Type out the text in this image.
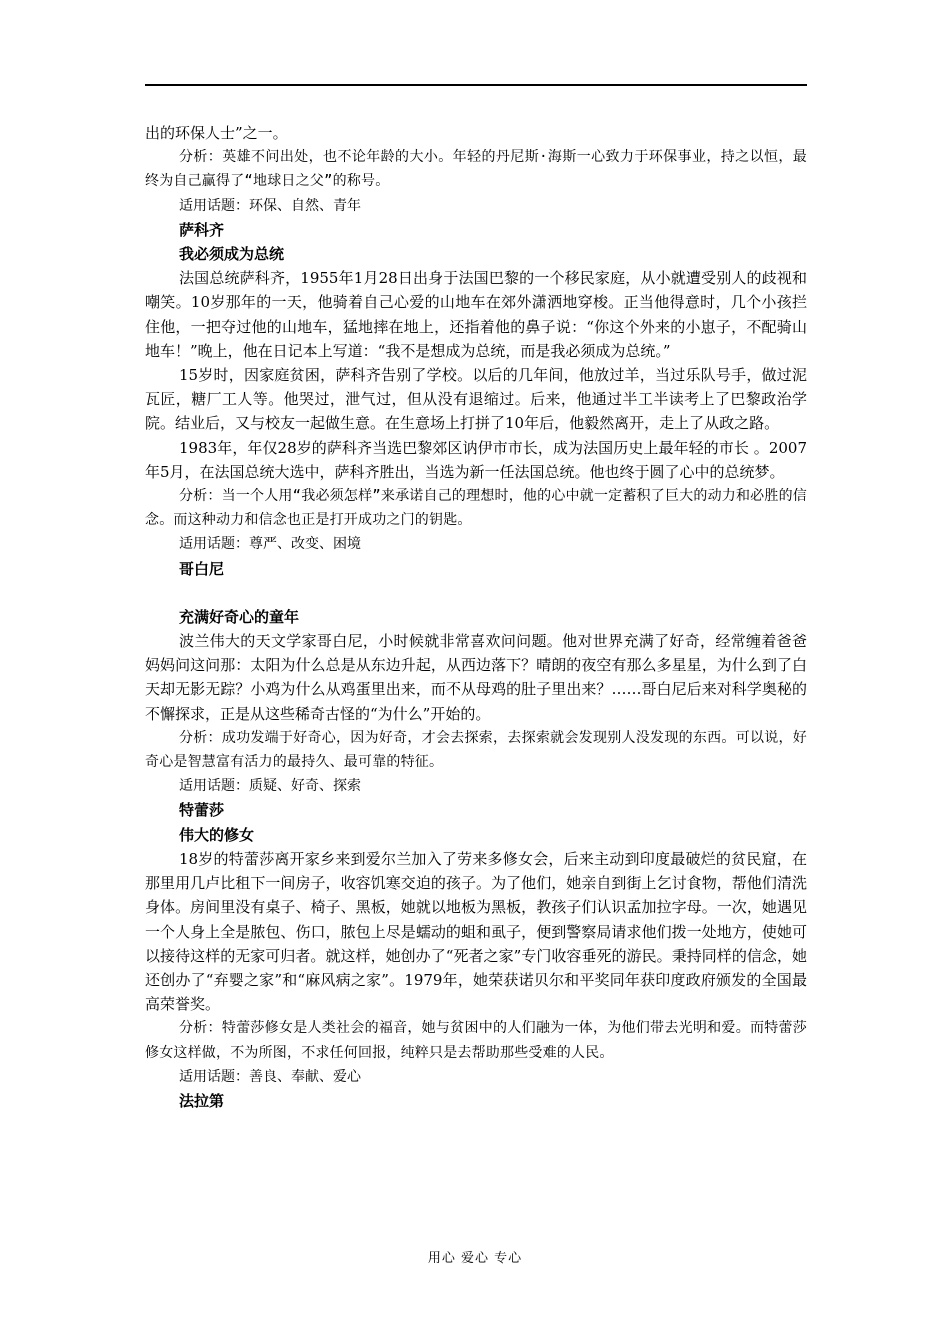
出的环保人士”之一。

分析：英雄不问出处，也不论年龄的大小。年轻的丹尼斯·海斯一心致力于环保事业，持之以恒，最终为自己赢得了“地球日之父”的称号。

适用话题：环保、自然、青年

萨科齐

我必须成为总统

法国总统萨科齐，1955年1月28日出身于法国巴黎的一个移民家庭，从小就遭受别人的歧视和嘲笑。10岁那年的一天，他骑着自己心爱的山地车在郊外潇洒地穿梭。正当他得意时，几个小孩拦住他，一把夺过他的山地车，猛地摔在地上，还指着他的鼻子说：“你这个外来的小崽子，不配骑山地车！”晚上，他在日记本上写道：“我不是想成为总统，而是我必须成为总统。”

15岁时，因家庭贫困，萨科齐告别了学校。以后的几年间，他放过羊，当过乐队号手，做过泥瓦匠，糖厂工人等。他哭过，泄气过，但从没有退缩过。后来，他通过半工半读考上了巴黎政治学院。结业后，又与校友一起做生意。在生意场上打拼了10年后，他毅然离开，走上了从政之路。

1983年，年仅28岁的萨科齐当选巴黎郊区讷伊市市长，成为法国历史上最年轻的市长 。2007年5月，在法国总统大选中，萨科齐胜出，当选为新一任法国总统。他也终于圆了心中的总统梦。

分析：当一个人用“我必须怎样”来承诺自己的理想时，他的心中就一定蓄积了巨大的动力和必胜的信念。而这种动力和信念也正是打开成功之门的钥匙。

适用话题：尊严、改变、困境

哥白尼

充满好奇心的童年

波兰伟大的天文学家哥白尼，小时候就非常喜欢问问题。他对世界充满了好奇，经常缠着爸爸妈妈问这问那：太阳为什么总是从东边升起，从西边落下？晴朗的夜空有那么多星星，为什么到了白天却无影无踪？小鸡为什么从鸡蛋里出来，而不从母鸡的肚子里出来？……哥白尼后来对科学奥秘的不懈探求，正是从这些稀奇古怪的“为什么”开始的。

分析：成功发端于好奇心，因为好奇，才会去探索，去探索就会发现别人没发现的东西。可以说，好奇心是智慧富有活力的最持久、最可靠的特征。

适用话题：质疑、好奇、探索

特蕾莎

伟大的修女

18岁的特蕾莎离开家乡来到爱尔兰加入了劳来多修女会，后来主动到印度最破烂的贫民窟，在那里用几卢比租下一间房子，收容饥寒交迫的孩子。为了他们，她亲自到街上乞讨食物，帮他们清洗身体。房间里没有桌子、椅子、黑板，她就以地板为黑板，教孩子们认识孟加拉字母。一次，她遇见一个人身上全是脓包、伤口，脓包上尽是蠕动的蛆和虱子，便到警察局请求他们拨一处地方，使她可以接待这样的无家可归者。就这样，她创办了“死者之家”专门收容垂死的游民。秉持同样的信念，她还创办了“弃婴之家”和“麻风病之家”。1979年，她荣获诺贝尔和平奖同年获印度政府颁发的全国最高荣誉奖。

分析：特蕾莎修女是人类社会的福音，她与贫困中的人们融为一体，为他们带去光明和爱。而特蕾莎修女这样做，不为所图，不求任何回报，纯粹只是去帮助那些受难的人民。

适用话题：善良、奉献、爱心

法拉第

用心 爱心 专心
